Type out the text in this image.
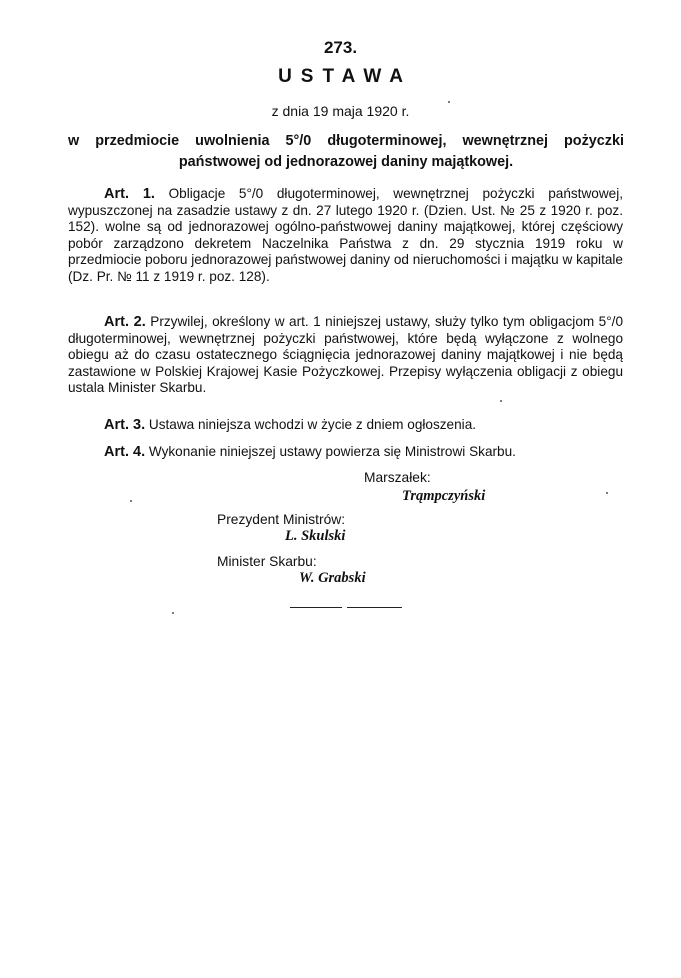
273.
USTAWA
z dnia 19 maja 1920 r.
w przedmiocie uwolnienia 5°/0 długoterminowej, wewnętrznej pożyczki państwowej od jednorazowej daniny majątkowej.
Art. 1. Obligacje 5°/0 długoterminowej, wewnętrznej pożyczki państwowej, wypuszczonej na zasadzie ustawy z dn. 27 lutego 1920 r. (Dzien. Ust. № 25 z 1920 r. poz. 152). wolne są od jednorazowej ogólno-państwowej daniny majątkowej, której częściowy pobór zarządzono dekretem Naczelnika Państwa z dn. 29 stycznia 1919 roku w przedmiocie poboru jednorazowej państwowej daniny od nieruchomości i majątku w kapitale (Dz. Pr. № 11 z 1919 r. poz. 128).
Art. 2. Przywilej, określony w art. 1 niniejszej ustawy, służy tylko tym obligacjom 5°/0 długoterminowej, wewnętrznej pożyczki państwowej, które będą wyłączone z wolnego obiegu aż do czasu ostatecznego ściągnięcia jednorazowej daniny majątkowej i nie będą zastawione w Polskiej Krajowej Kasie Pożyczkowej. Przepisy wyłączenia obligacji z obiegu ustala Minister Skarbu.
Art. 3. Ustawa niniejsza wchodzi w życie z dniem ogłoszenia.
Art. 4. Wykonanie niniejszej ustawy powierza się Ministrowi Skarbu.
Marszałek:
Trąmpczyński
Prezydent Ministrów:
L. Skulski
Minister Skarbu:
W. Grabski
